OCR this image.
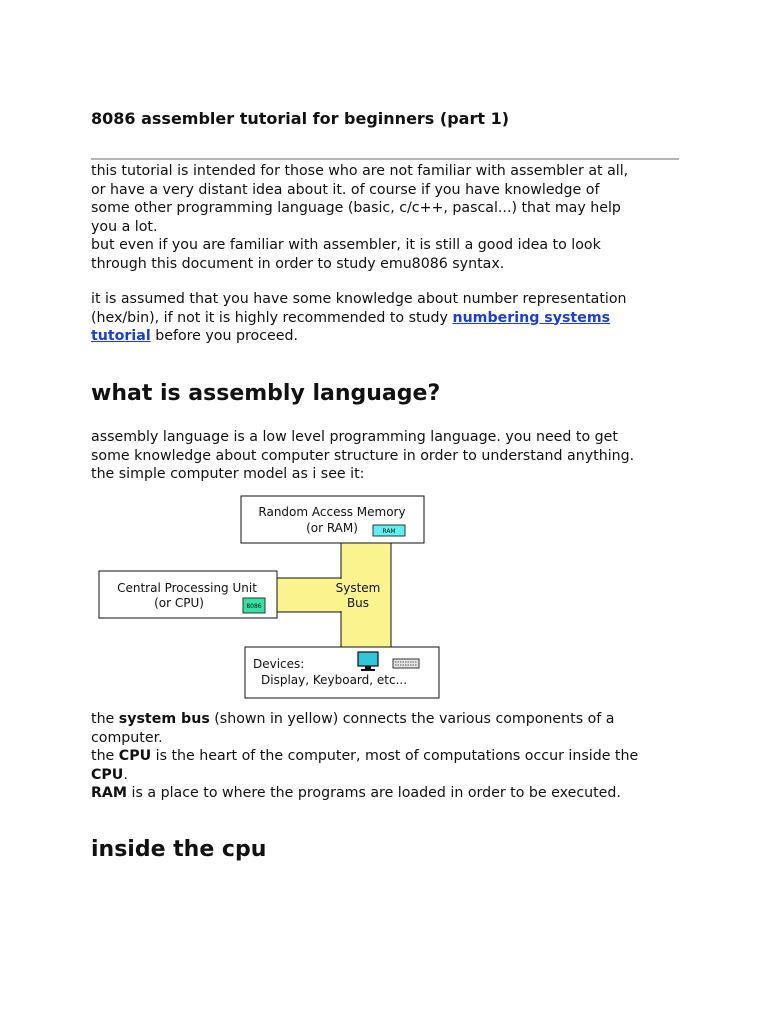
8086 assembler tutorial for beginners (part 1)

this tutorial is intended for those who are not familiar with assembler at all,
or have a very distant idea about it. of course if you have knowledge of
some other programming language (basic, c/c++, pascal...) that may help
you a lot.
but even if you are familiar with assembler, it is still a good idea to look
through this document in order to study emu8086 syntax.

it is assumed that you have some knowledge about number representation
(hex/bin), if not it is highly recommended to study numbering systems
tutorial before you proceed.

what is assembly language?

assembly language is a low level programming language. you need to get
some knowledge about computer structure in order to understand anything.
the simple computer model as i see it:

the system bus (shown in yellow) connects the various components of a
computer.
the CPU is the heart of the computer, most of computations occur inside the
CPU.
RAM is a place to where the programs are loaded in order to be executed.

inside the cpu
Random Access Memory
(or RAM)	RAM
Central Processing Unit
(or CPU)	8086
System
Bus
Devices:
Display, Keyboard, etc...
